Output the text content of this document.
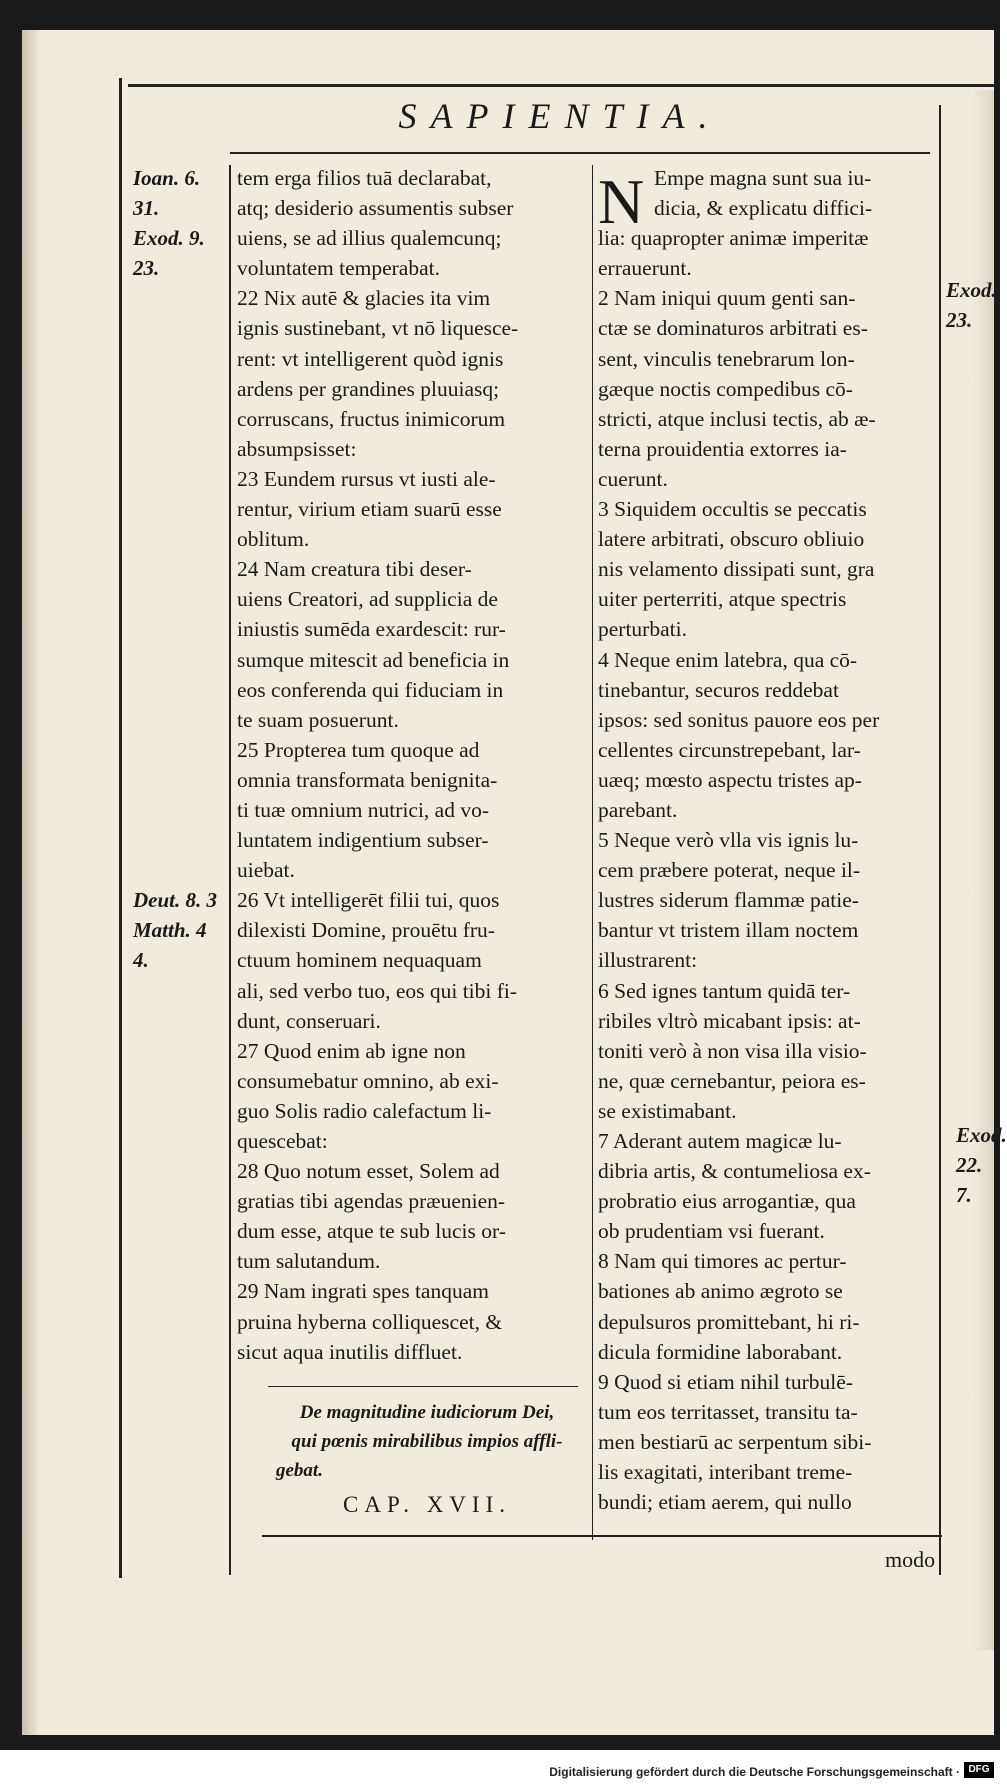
SAPIENTIA.
Ioan. 6.
31.
Exod. 9.
23.
Deut. 8. 3
Matth. 4
4.
Exod.
23.
Exod.
22.
7.
tem erga filios tuā declarabat,
atq; desiderio assumentis subser
uiens, se ad illius qualemcunq;
voluntatem temperabat.
22 Nix autē & glacies ita vim
ignis sustinebant, vt nō liquesce-
rent: vt intelligerent quòd ignis
ardens per grandines pluuiasq;
corruscans, fructus inimicorum
absumpsisset:
23 Eundem rursus vt iusti ale-
rentur, virium etiam suarū esse
oblitum.
24 Nam creatura tibi deser-
uiens Creatori, ad supplicia de
iniustis sumēda exardescit: rur-
sumque mitescit ad beneficia in
eos conferenda qui fiduciam in
te suam posuerunt.
25 Propterea tum quoque ad
omnia transformata benignita-
ti tuæ omnium nutrici, ad vo-
luntatem indigentium subser-
uiebat.
26 Vt intelligerēt filii tui, quos
dilexisti Domine, prouētu fru-
ctuum hominem nequaquam
ali, sed verbo tuo, eos qui tibi fi-
dunt, conseruari.
27 Quod enim ab igne non
consumebatur omnino, ab exi-
guo Solis radio calefactum li-
quescebat:
28 Quo notum esset, Solem ad
gratias tibi agendas præuenien-
dum esse, atque te sub lucis or-
tum salutandum.
29 Nam ingrati spes tanquam
pruina hyberna colliquescet, &
sicut aqua inutilis diffluet.
De magnitudine iudiciorum Dei,
qui pœnis mirabilibus impios affli-
gebat.
CAP. XVII.
N Empe magna sunt sua iu-
dicia, & explicatu diffici-
lia: quapropter animæ imperitæ
errauerunt.
2 Nam iniqui quum genti san-
ctæ se dominaturos arbitrati es-
sent, vinculis tenebrarum lon-
gæque noctis compedibus cō-
stricti, atque inclusi tectis, ab æ-
terna prouidentia extorres ia-
cuerunt.
3 Siquidem occultis se peccatis
latere arbitrati, obscuro obliuio
nis velamento dissipati sunt, gra
uiter perterriti, atque spectris
perturbati.
4 Neque enim latebra, qua cō-
tinebantur, securos reddebat
ipsos: sed sonitus pauore eos per
cellentes circunstrepebant, lar-
uæq; mœsto aspectu tristes ap-
parebant.
5 Neque verò vlla vis ignis lu-
cem præbere poterat, neque il-
lustres siderum flammæ patie-
bantur vt tristem illam noctem
illustrarent:
6 Sed ignes tantum quidā ter-
ribiles vltrò micabant ipsis: at-
toniti verò à non visa illa visio-
ne, quæ cernebantur, peiora es-
se existimabant.
7 Aderant autem magicæ lu-
dibria artis, & contumeliosa ex-
probratio eius arrogantiæ, qua
ob prudentiam vsi fuerant.
8 Nam qui timores ac pertur-
bationes ab animo ægroto se
depulsuros promittebant, hi ri-
dicula formidine laborabant.
9 Quod si etiam nihil turbulē-
tum eos territasset, transitu ta-
men bestiarū ac serpentum sibi-
lis exagitati, interibant treme-
bundi; etiam aerem, qui nullo
modo
Digitalisierung gefördert durch die Deutsche Forschungsgemeinschaft · DFG
